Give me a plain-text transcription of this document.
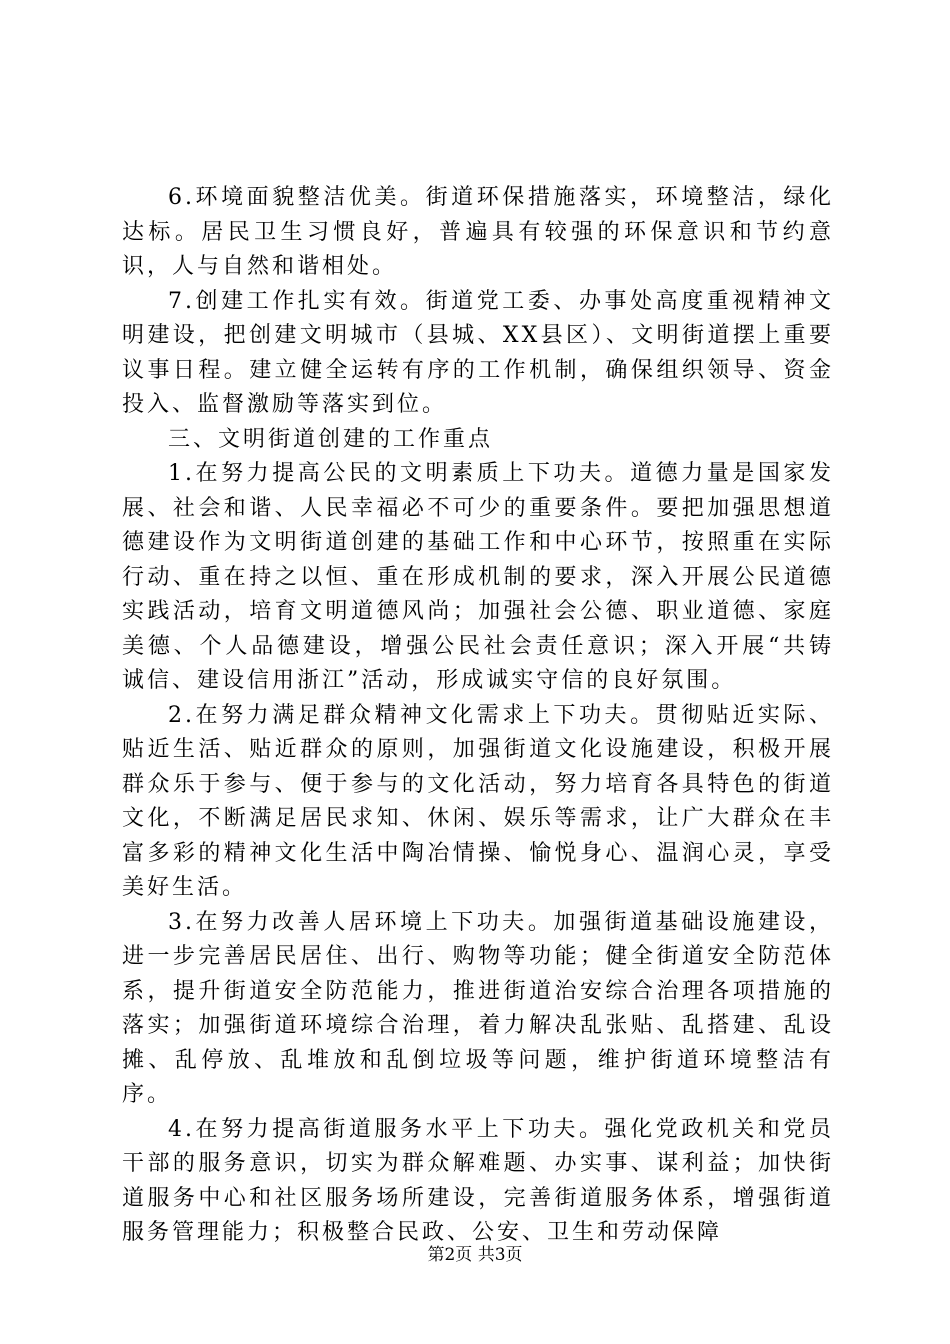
6.环境面貌整洁优美。街道环保措施落实，环境整洁，绿化达标。居民卫生习惯良好，普遍具有较强的环保意识和节约意识，人与自然和谐相处。

7.创建工作扎实有效。街道党工委、办事处高度重视精神文明建设，把创建文明城市（县城、XX县区）、文明街道摆上重要议事日程。建立健全运转有序的工作机制，确保组织领导、资金投入、监督激励等落实到位。

三、文明街道创建的工作重点

1.在努力提高公民的文明素质上下功夫。道德力量是国家发展、社会和谐、人民幸福必不可少的重要条件。要把加强思想道德建设作为文明街道创建的基础工作和中心环节，按照重在实际行动、重在持之以恒、重在形成机制的要求，深入开展公民道德实践活动，培育文明道德风尚；加强社会公德、职业道德、家庭美德、个人品德建设，增强公民社会责任意识；深入开展“共铸诚信、建设信用浙江”活动，形成诚实守信的良好氛围。

2.在努力满足群众精神文化需求上下功夫。贯彻贴近实际、贴近生活、贴近群众的原则，加强街道文化设施建设，积极开展群众乐于参与、便于参与的文化活动，努力培育各具特色的街道文化，不断满足居民求知、休闲、娱乐等需求，让广大群众在丰富多彩的精神文化生活中陶冶情操、愉悦身心、温润心灵，享受美好生活。

3.在努力改善人居环境上下功夫。加强街道基础设施建设，进一步完善居民居住、出行、购物等功能；健全街道安全防范体系，提升街道安全防范能力，推进街道治安综合治理各项措施的落实；加强街道环境综合治理，着力解决乱张贴、乱搭建、乱设摊、乱停放、乱堆放和乱倒垃圾等问题，维护街道环境整洁有序。

4.在努力提高街道服务水平上下功夫。强化党政机关和党员干部的服务意识，切实为群众解难题、办实事、谋利益；加快街道服务中心和社区服务场所建设，完善街道服务体系，增强街道服务管理能力；积极整合民政、公安、卫生和劳动保障

第2页 共3页
